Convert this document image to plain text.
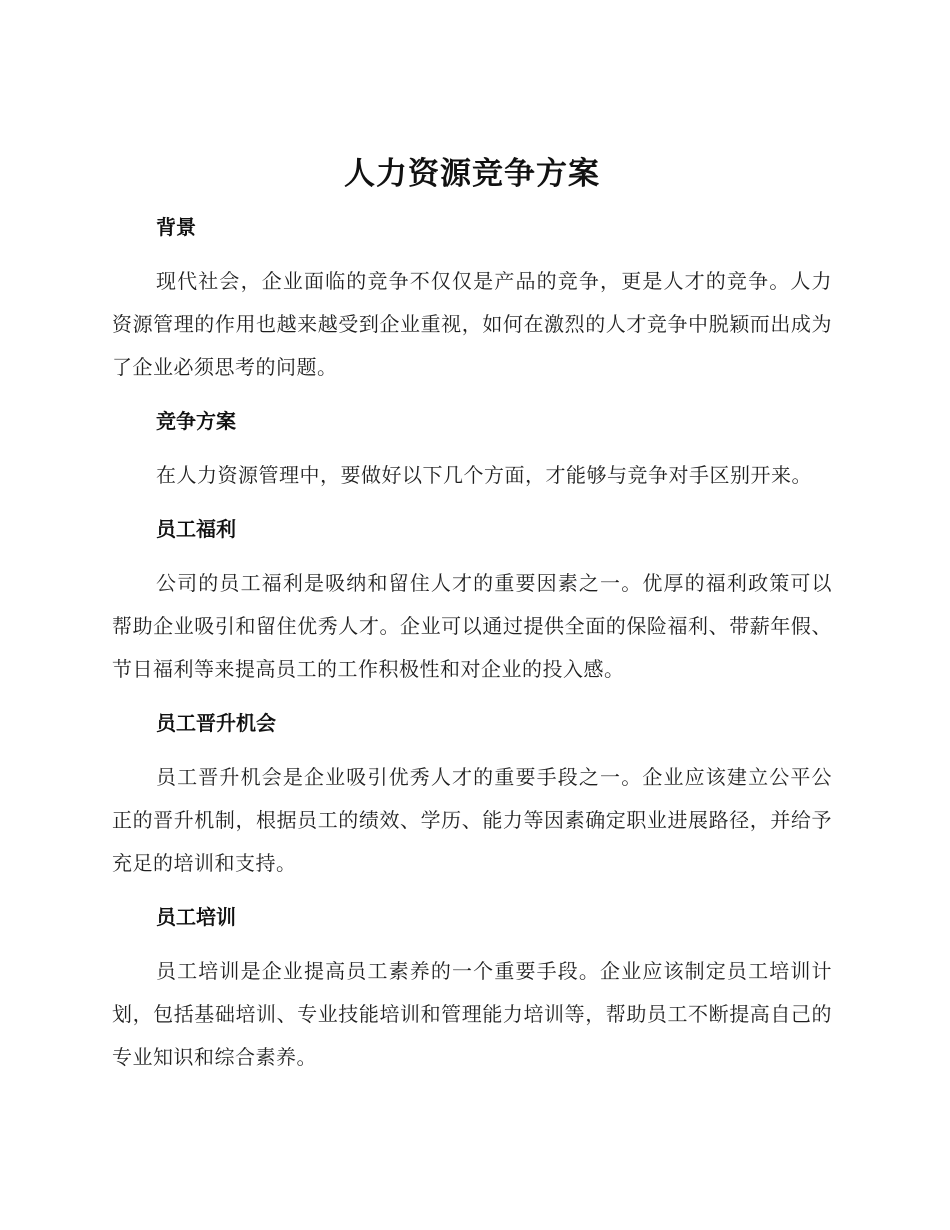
人力资源竞争方案
背景

现代社会，企业面临的竞争不仅仅是产品的竞争，更是人才的竞争。人力资源管理的作用也越来越受到企业重视，如何在激烈的人才竞争中脱颖而出成为了企业必须思考的问题。

竞争方案

在人力资源管理中，要做好以下几个方面，才能够与竞争对手区别开来。

员工福利

公司的员工福利是吸纳和留住人才的重要因素之一。优厚的福利政策可以帮助企业吸引和留住优秀人才。企业可以通过提供全面的保险福利、带薪年假、节日福利等来提高员工的工作积极性和对企业的投入感。

员工晋升机会

员工晋升机会是企业吸引优秀人才的重要手段之一。企业应该建立公平公正的晋升机制，根据员工的绩效、学历、能力等因素确定职业进展路径，并给予充足的培训和支持。

员工培训

员工培训是企业提高员工素养的一个重要手段。企业应该制定员工培训计划，包括基础培训、专业技能培训和管理能力培训等，帮助员工不断提高自己的专业知识和综合素养。
